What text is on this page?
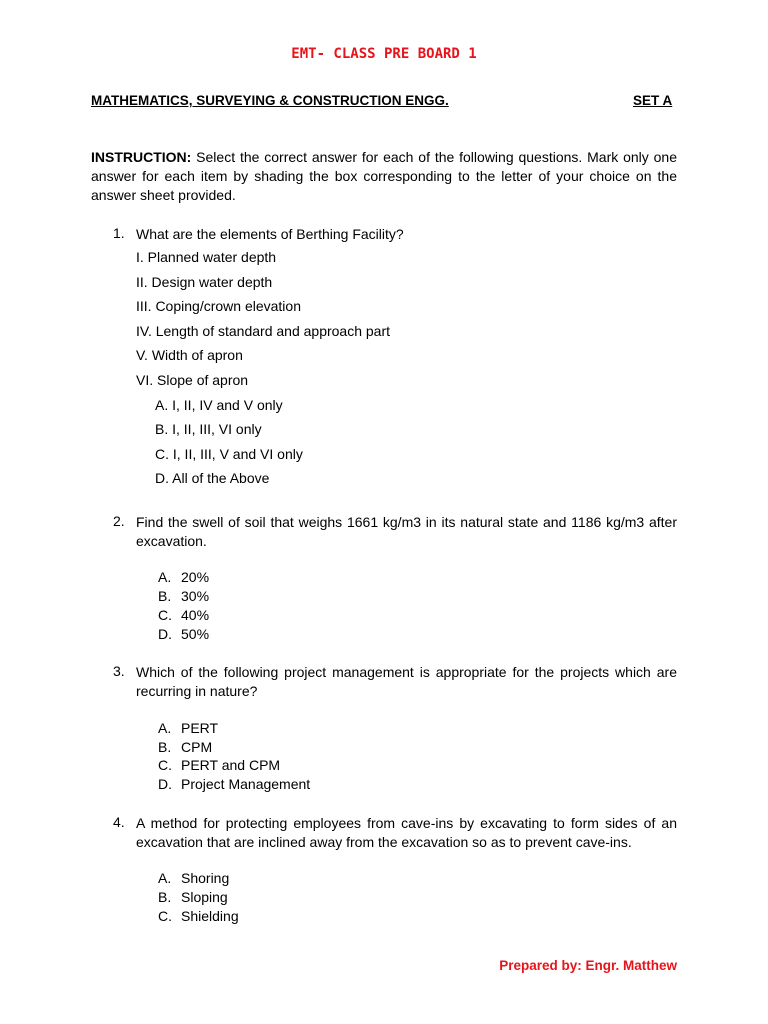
EMT- CLASS PRE BOARD 1
MATHEMATICS, SURVEYING & CONSTRUCTION ENGG.	SET A
INSTRUCTION: Select the correct answer for each of the following questions. Mark only one answer for each item by shading the box corresponding to the letter of your choice on the answer sheet provided.
1. What are the elements of Berthing Facility?
I. Planned water depth
II. Design water depth
III. Coping/crown elevation
IV. Length of standard and approach part
V. Width of apron
VI. Slope of apron
A. I, II, IV and V only
B. I, II, III, VI only
C. I, II, III, V and VI only
D. All of the Above
2. Find the swell of soil that weighs 1661 kg/m3 in its natural state and 1186 kg/m3 after excavation.
A. 20%
B. 30%
C. 40%
D. 50%
3. Which of the following project management is appropriate for the projects which are recurring in nature?
A. PERT
B. CPM
C. PERT and CPM
D. Project Management
4. A method for protecting employees from cave-ins by excavating to form sides of an excavation that are inclined away from the excavation so as to prevent cave-ins.
A. Shoring
B. Sloping
C. Shielding
Prepared by: Engr. Matthew
